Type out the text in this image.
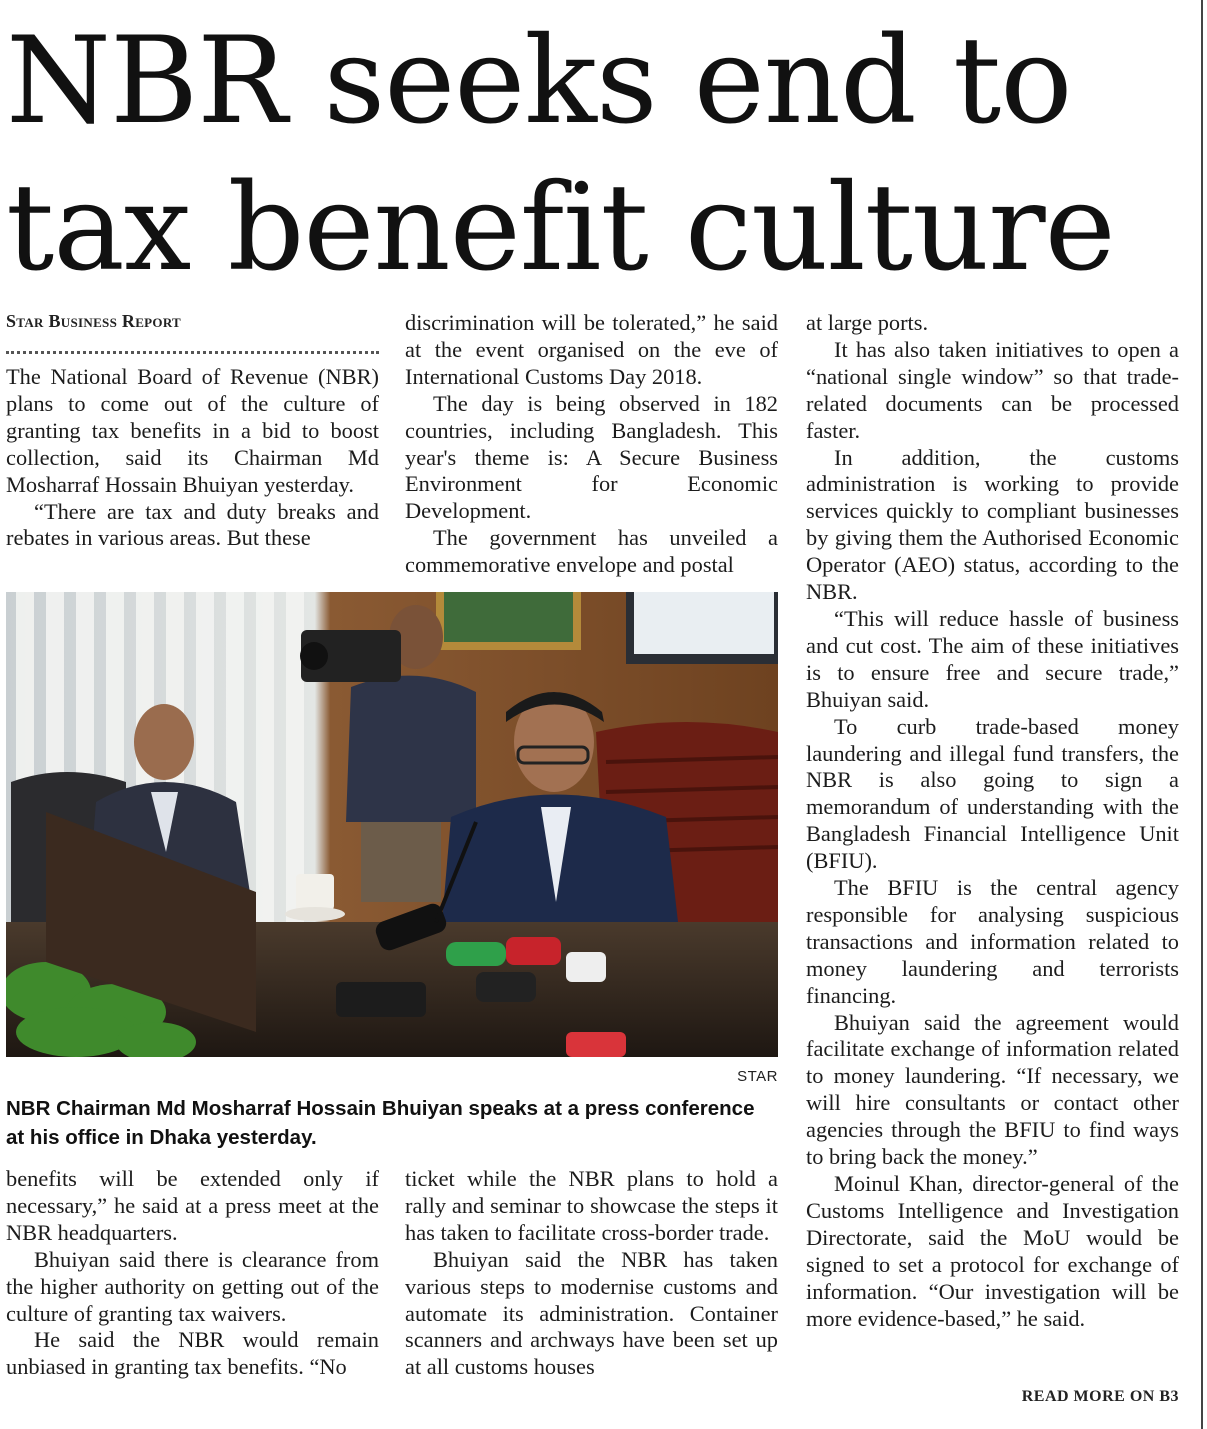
NBR seeks end to
tax benefit culture
Star Business Report

The National Board of Revenue (NBR) plans to come out of the culture of granting tax benefits in a bid to boost collection, said its Chairman Md Mosharraf Hossain Bhuiyan yesterday.

“There are tax and duty breaks and rebates in various areas. But these

discrimination will be tolerated,” he said at the event organised on the eve of International Customs Day 2018.

The day is being observed in 182 countries, including Bangladesh. This year's theme is: A Secure Business Environment for Economic Development.

The government has unveiled a commemorative envelope and postal

STAR

NBR Chairman Md Mosharraf Hossain Bhuiyan speaks at a press conference at his office in Dhaka yesterday.

benefits will be extended only if necessary,” he said at a press meet at the NBR headquarters.

Bhuiyan said there is clearance from the higher authority on getting out of the culture of granting tax waivers.

He said the NBR would remain unbiased in granting tax benefits. “No

ticket while the NBR plans to hold a rally and seminar to showcase the steps it has taken to facilitate cross-border trade.

Bhuiyan said the NBR has taken various steps to modernise customs and automate its administration. Container scanners and archways have been set up at all customs houses

at large ports.

It has also taken initiatives to open a “national single window” so that trade-related documents can be processed faster.

In addition, the customs administration is working to provide services quickly to compliant businesses by giving them the Authorised Economic Operator (AEO) status, according to the NBR.

“This will reduce hassle of business and cut cost. The aim of these initiatives is to ensure free and secure trade,” Bhuiyan said.

To curb trade-based money laundering and illegal fund transfers, the NBR is also going to sign a memorandum of understanding with the Bangladesh Financial Intelligence Unit (BFIU).

The BFIU is the central agency responsible for analysing suspicious transactions and information related to money laundering and terrorists financing.

Bhuiyan said the agreement would facilitate exchange of information related to money laundering. “If necessary, we will hire consultants or contact other agencies through the BFIU to find ways to bring back the money.”

Moinul Khan, director-general of the Customs Intelligence and Investigation Directorate, said the MoU would be signed to set a protocol for exchange of information. “Our investigation will be more evidence-based,” he said.

READ MORE ON B3
